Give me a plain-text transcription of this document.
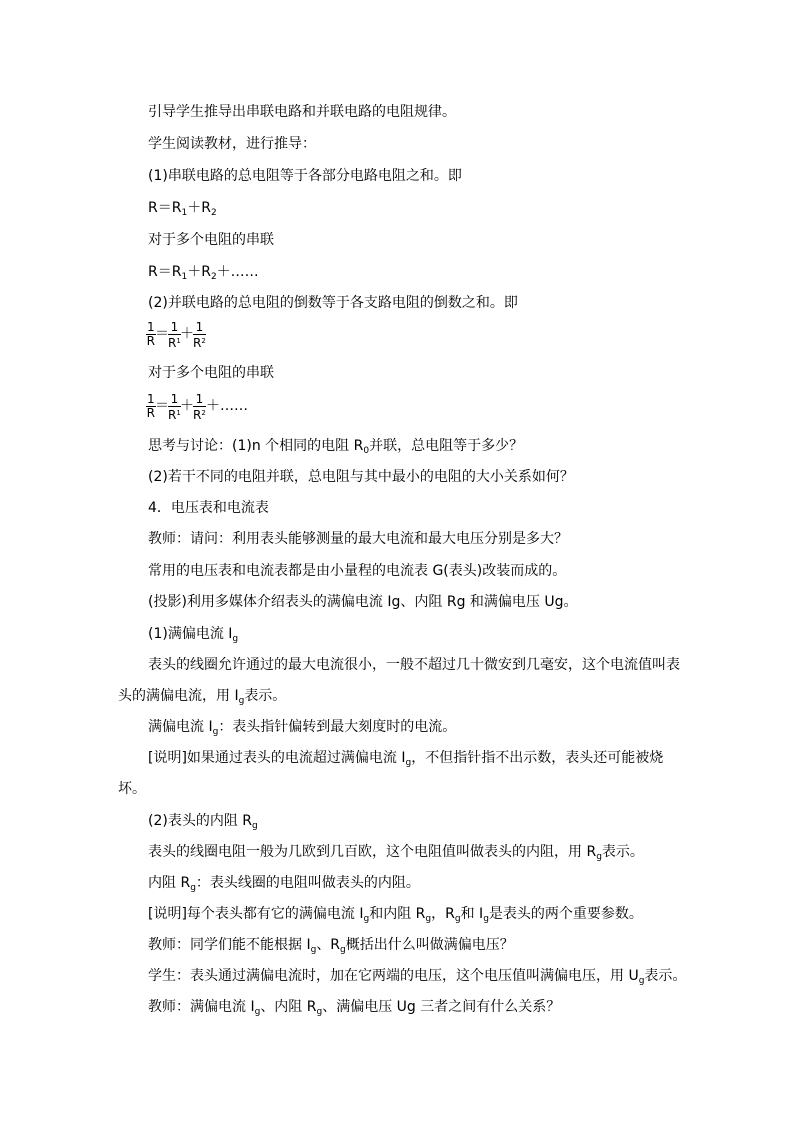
引导学生推导出串联电路和并联电路的电阻规律。
学生阅读教材，进行推导：
(1)串联电路的总电阻等于各部分电路电阻之和。即
$R=R_1+R_2$
对于多个电阻的串联
$R=R_1+R_2+\dots\dots$
(2)并联电路的总电阻的倒数等于各支路电阻的倒数之和。即
$\frac{1}{R} = \frac{1}{R^1} + \frac{1}{R^2}$
对于多个电阻的串联
$\frac{1}{R} = \frac{1}{R^1} + \frac{1}{R^2}$ ＋……
思考与讨论：(1)n 个相同的电阻 $R_0$并联，总电阻等于多少？
(2)若干不同的电阻并联，总电阻与其中最小的电阻的大小关系如何？
4．电压表和电流表
教师：请问：利用表头能够测量的最大电流和最大电压分别是多大？
常用的电压表和电流表都是由小量程的电流表 G(表头)改装而成的。
(投影)利用多媒体介绍表头的满偏电流 Ig、内阻 Rg 和满偏电压 Ug。
(1)满偏电流 $I_g$
表头的线圈允许通过的最大电流很小，一般不超过几十微安到几毫安，这个电流值叫表
头的满偏电流，用 $I_g$表示。
满偏电流 $I_g$：表头指针偏转到最大刻度时的电流。
[说明]如果通过表头的电流超过满偏电流 $I_g$，不但指针指不出示数，表头还可能被烧
坏。
(2)表头的内阻 $R_g$
表头的线圈电阻一般为几欧到几百欧，这个电阻值叫做表头的内阻，用 $R_g$表示。
内阻 $R_g$：表头线圈的电阻叫做表头的内阻。
[说明]每个表头都有它的满偏电流 $I_g$和内阻 $R_g$，$R_g$和 $I_g$是表头的两个重要参数。
教师：同学们能不能根据 $I_g$、$R_g$概括出什么叫做满偏电压？
学生：表头通过满偏电流时，加在它两端的电压，这个电压值叫满偏电压，用 $U_g$表示。
教师：满偏电流 $I_g$、内阻 $R_g$、满偏电压 Ug 三者之间有什么关系？
